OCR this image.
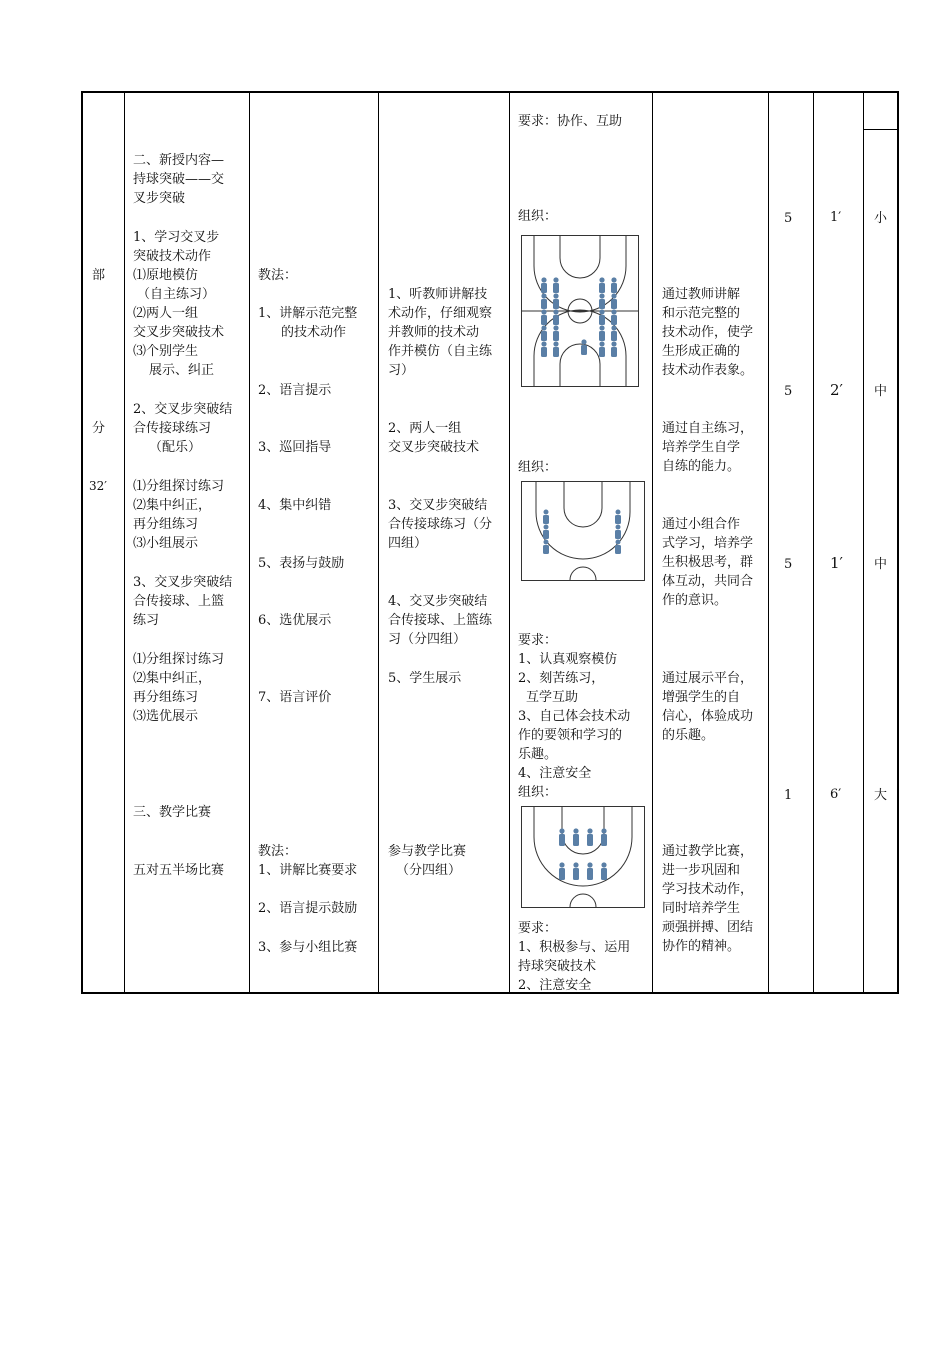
部
分
32′
二、新授内容—
持球突破——交
叉步突破
1、学习交叉步
突破技术动作
⑴原地模仿
（自主练习）
⑵两人一组
交叉步突破技术
⑶个别学生
展示、纠正
2、交叉步突破结
合传接球练习
（配乐）
⑴分组探讨练习
⑵集中纠正，
再分组练习
⑶小组展示
3、交叉步突破结
合传接球、上篮
练习
⑴分组探讨练习
⑵集中纠正，
再分组练习
⑶选优展示
三、教学比赛
五对五半场比赛
教法：
1、讲解示范完整
的技术动作
2、语言提示
3、巡回指导
4、集中纠错
5、表扬与鼓励
6、选优展示
7、语言评价
教法：
1、讲解比赛要求
2、语言提示鼓励
3、参与小组比赛
1、听教师讲解技
术动作，仔细观察
并教师的技术动
作并模仿（自主练
习）
2、两人一组
交叉步突破技术
3、交叉步突破结
合传接球练习（分
四组）
4、交叉步突破结
合传接球、上篮练
习（分四组）
5、学生展示
参与教学比赛
（分四组）
要求：协作、互助
组织：
组织：
要求：
1、认真观察模仿
2、刻苦练习，
互学互助
3、自己体会技术动
作的要领和学习的
乐趣。
4、注意安全
组织：
要求：
1、积极参与、运用
持球突破技术
2、注意安全
通过教师讲解
和示范完整的
技术动作，使学
生形成正确的
技术动作表象。
通过自主练习，
培养学生自学
自练的能力。
通过小组合作
式学习，培养学
生积极思考，群
体互动，共同合
作的意识。
通过展示平台，
增强学生的自
信心，体验成功
的乐趣。
通过教学比赛，
进一步巩固和
学习技术动作，
同时培养学生
顽强拼搏、团结
协作的精神。
5
5
5
1
1′
2′
1′
6′
小
中
中
大
